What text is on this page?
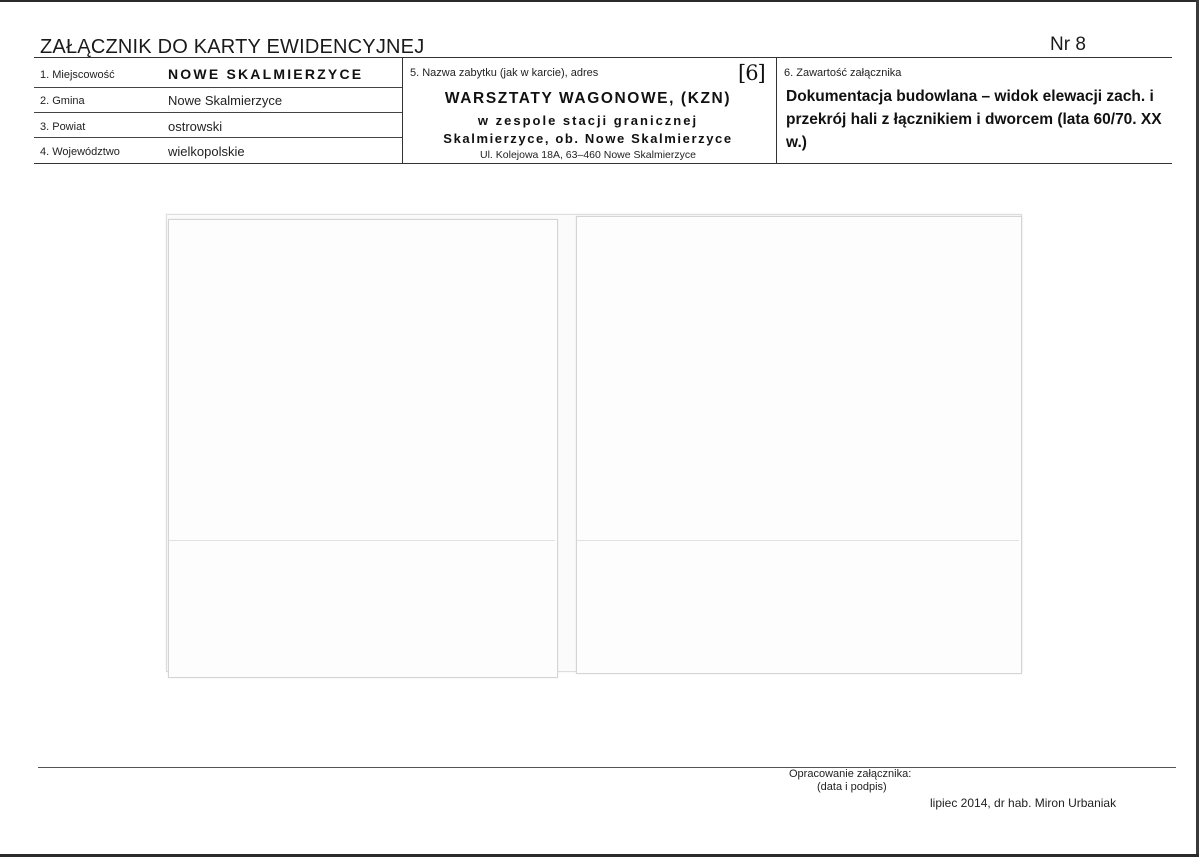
ZAŁĄCZNIK DO KARTY EWIDENCYJNEJ	Nr 8
1. Miejscowość	NOWE SKALMIERZYCE
2. Gmina	Nowe Skalmierzyce
3. Powiat	ostrowski
4. Województwo	wielkopolskie
5. Nazwa zabytku (jak w karcie), adres	[6]
WARSZTATY WAGONOWE, (KZN)
w zespole stacji granicznej
Skalmierzyce, ob. Nowe Skalmierzyce
Ul. Kolejowa 18A, 63–460 Nowe Skalmierzyce
6. Zawartość załącznika
Dokumentacja budowlana – widok elewacji zach. i przekrój hali z łącznikiem i dworcem (lata 60/70. XX w.)
Opracowanie załącznika:
(data i podpis)
lipiec 2014, dr hab. Miron Urbaniak
